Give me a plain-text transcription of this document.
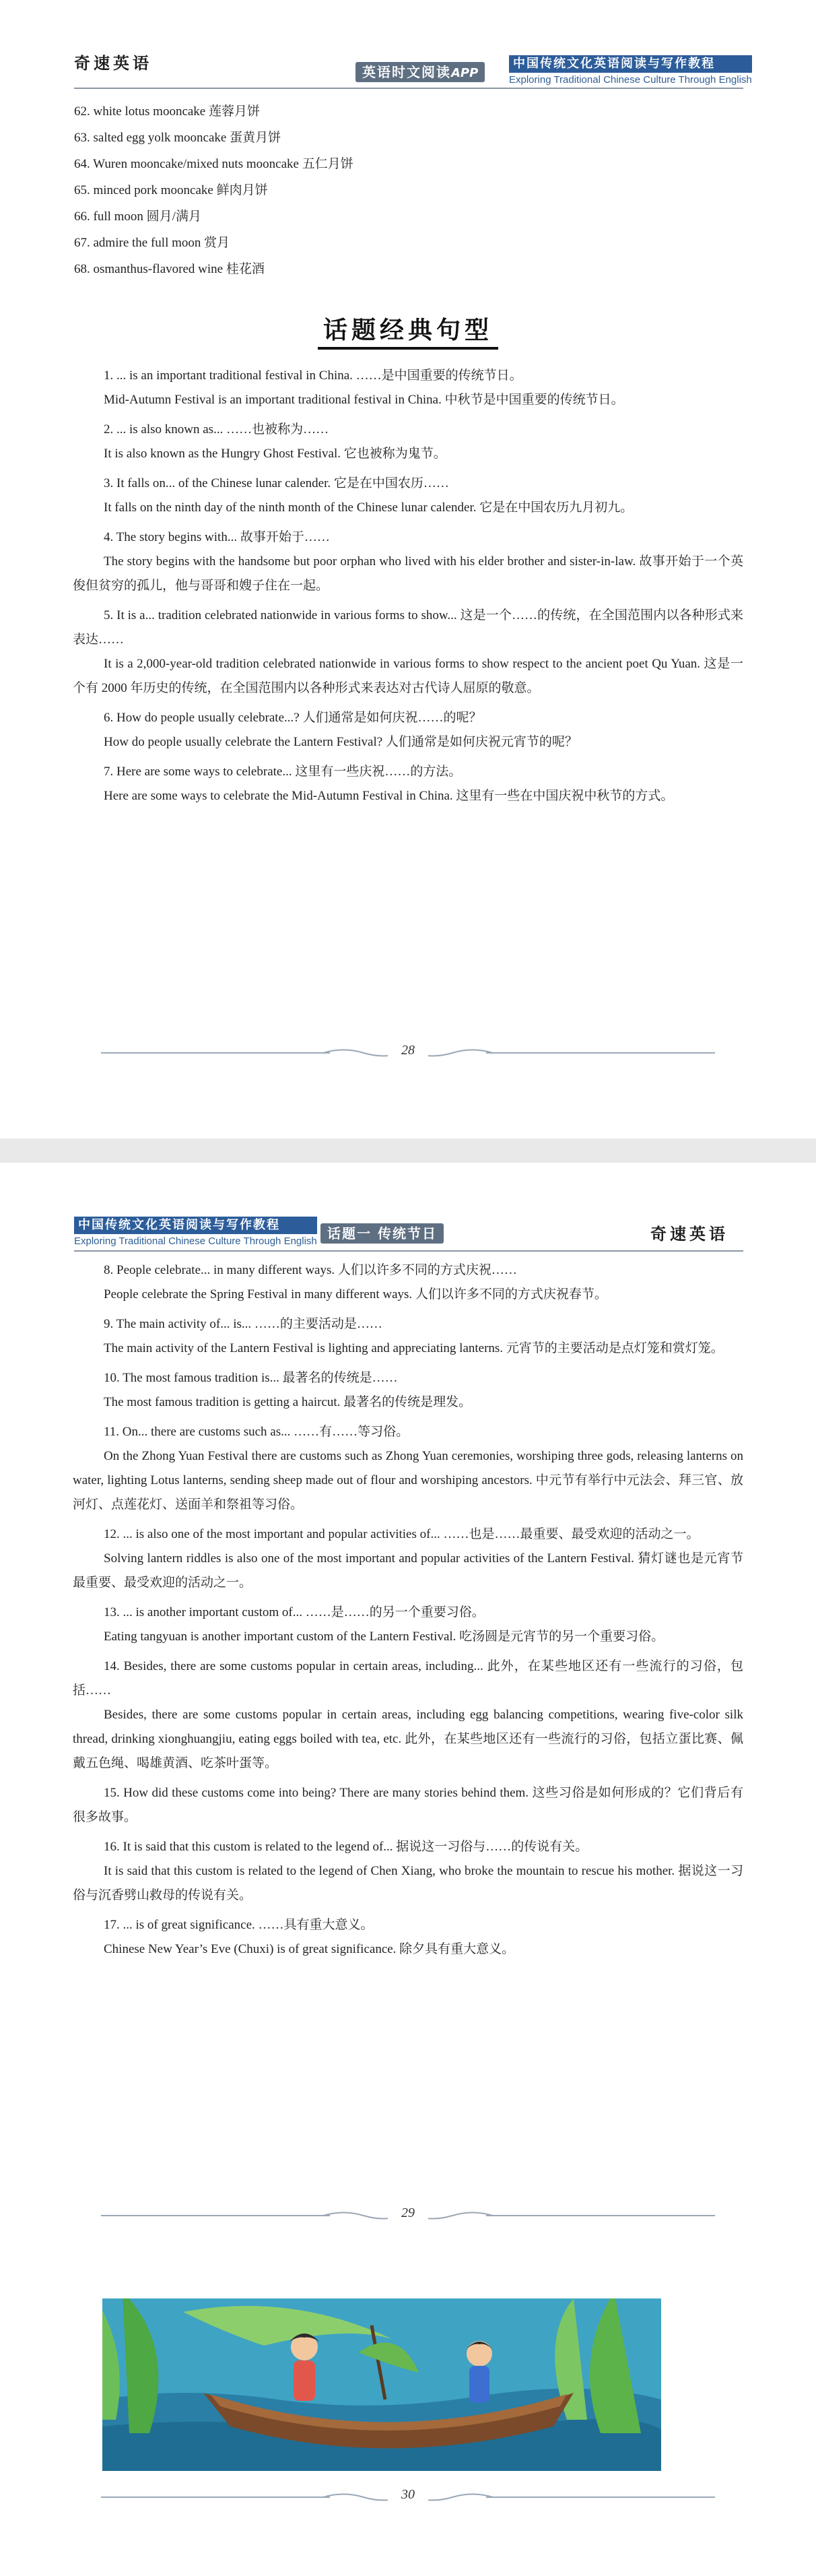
奇速英语	英语时文阅读APP
中国传统文化英语阅读与写作教程
Exploring Traditional Chinese Culture Through English
62. white lotus mooncake 莲蓉月饼
63. salted egg yolk mooncake 蛋黄月饼
64. Wuren mooncake/mixed nuts mooncake 五仁月饼
65. minced pork mooncake 鲜肉月饼
66. full moon 圆月/满月
67. admire the full moon 赏月
68. osmanthus-flavored wine 桂花酒
话题经典句型

1. ... is an important traditional festival in China. ……是中国重要的传统节日。

Mid-Autumn Festival is an important traditional festival in China. 中秋节是中国重要的传统节日。

2. ... is also known as... ……也被称为……

It is also known as the Hungry Ghost Festival. 它也被称为鬼节。

3. It falls on... of the Chinese lunar calender. 它是在中国农历……

It falls on the ninth day of the ninth month of the Chinese lunar calender. 它是在中国农历九月初九。

4. The story begins with... 故事开始于……

The story begins with the handsome but poor orphan who lived with his elder brother and sister-in-law. 故事开始于一个英俊但贫穷的孤儿，他与哥哥和嫂子住在一起。

5. It is a... tradition celebrated nationwide in various forms to show... 这是一个……的传统，在全国范围内以各种形式来表达……

It is a 2,000-year-old tradition celebrated nationwide in various forms to show respect to the ancient poet Qu Yuan. 这是一个有 2000 年历史的传统，在全国范围内以各种形式来表达对古代诗人屈原的敬意。

6. How do people usually celebrate...? 人们通常是如何庆祝……的呢？

How do people usually celebrate the Lantern Festival? 人们通常是如何庆祝元宵节的呢？

7. Here are some ways to celebrate... 这里有一些庆祝……的方法。

Here are some ways to celebrate the Mid-Autumn Festival in China. 这里有一些在中国庆祝中秋节的方式。

28
中国传统文化英语阅读与写作教程
Exploring Traditional Chinese Culture Through English 话题一 传统节日	奇速英语

8. People celebrate... in many different ways. 人们以许多不同的方式庆祝……

People celebrate the Spring Festival in many different ways. 人们以许多不同的方式庆祝春节。

9. The main activity of... is... ……的主要活动是……

The main activity of the Lantern Festival is lighting and appreciating lanterns. 元宵节的主要活动是点灯笼和赏灯笼。

10. The most famous tradition is... 最著名的传统是……

The most famous tradition is getting a haircut. 最著名的传统是理发。

11. On... there are customs such as... ……有……等习俗。

On the Zhong Yuan Festival there are customs such as Zhong Yuan ceremonies, worshiping three gods, releasing lanterns on water, lighting Lotus lanterns, sending sheep made out of flour and worshiping ancestors. 中元节有举行中元法会、拜三官、放河灯、点莲花灯、送面羊和祭祖等习俗。

12. ... is also one of the most important and popular activities of... ……也是……最重要、最受欢迎的活动之一。

Solving lantern riddles is also one of the most important and popular activities of the Lantern Festival. 猜灯谜也是元宵节最重要、最受欢迎的活动之一。

13. ... is another important custom of... ……是……的另一个重要习俗。

Eating tangyuan is another important custom of the Lantern Festival. 吃汤圆是元宵节的另一个重要习俗。

14. Besides, there are some customs popular in certain areas, including... 此外，在某些地区还有一些流行的习俗，包括……

Besides, there are some customs popular in certain areas, including egg balancing competitions, wearing five-color silk thread, drinking xionghuangjiu, eating eggs boiled with tea, etc. 此外，在某些地区还有一些流行的习俗，包括立蛋比赛、佩戴五色绳、喝雄黄酒、吃茶叶蛋等。

15. How did these customs come into being? There are many stories behind them. 这些习俗是如何形成的？它们背后有很多故事。

16. It is said that this custom is related to the legend of... 据说这一习俗与……的传说有关。

It is said that this custom is related to the legend of Chen Xiang, who broke the mountain to rescue his mother. 据说这一习俗与沉香劈山救母的传说有关。

17. ... is of great significance. ……具有重大意义。

Chinese New Year’s Eve (Chuxi) is of great significance. 除夕具有重大意义。

29
30
